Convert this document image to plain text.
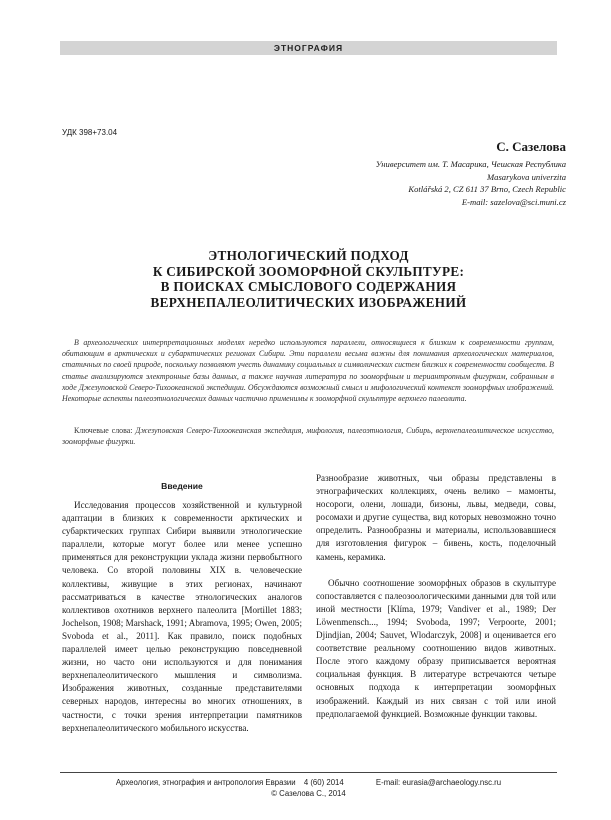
ЭТНОГРАФИЯ
УДК 398+73.04
С. Сазелова
Университет им. Т. Масарика, Чешская Республика
Masarykova univerzita
Kotlářská 2, CZ 611 37 Brno, Czech Republic
E-mail: sazelova@sci.muni.cz
ЭТНОЛОГИЧЕСКИЙ ПОДХОД
К СИБИРСКОЙ ЗООМОРФНОЙ СКУЛЬПТУРЕ:
В ПОИСКАХ СМЫСЛОВОГО СОДЕРЖАНИЯ
ВЕРХНЕПАЛЕОЛИТИЧЕСКИХ ИЗОБРАЖЕНИЙ
В археологических интерпретационных моделях нередко используются параллели, относящиеся к близким к современности группам, обитающим в арктических и субарктических регионах Сибири. Эти параллели весьма важны для понимания археологических материалов, статичных по своей природе, поскольку позволяют учесть динамику социальных и символических систем близких к современности сообществ. В статье анализируются электронные базы данных, а также научная литература по зооморфным и териантропным фигуркам, собранным в ходе Джезуповской Северо-Тихоокеанской экспедиции. Обсуждаются возможный смысл и мифологический контекст зооморфных изображений. Некоторые аспекты палеоэтнологических данных частично применимы к зооморфной скульптуре верхнего палеолита.
Ключевые слова: Джезуповская Северо-Тихоокеанская экспедиция, мифология, палеоэтнология, Сибирь, верхнепалеолитическое искусство, зооморфные фигурки.
Введение

Исследования процессов хозяйственной и культурной адаптации в близких к современности арктических и субарктических группах Сибири выявили этнологические параллели, которые могут более или менее успешно применяться для реконструкции уклада жизни первобытного человека. Со второй половины XIX в. человеческие коллективы, живущие в этих регионах, начинают рассматриваться в качестве этнологических аналогов коллективов охотников верхнего палеолита [Mortillet 1883; Jochelson, 1908; Marshack, 1991; Abramova, 1995; Owen, 2005; Svoboda et al., 2011]. Как правило, поиск подобных параллелей имеет целью реконструкцию повседневной жизни, но часто они используются и для понимания верхнепалеолитического мышления и символизма. Изображения животных, созданные представителями северных народов, интересны во многих отношениях, в частности, с точки зрения интерпретации памятников верхнепалеолитического мобильного искусства.

Разнообразие животных, чьи образы представлены в этнографических коллекциях, очень велико – мамонты, носороги, олени, лошади, бизоны, львы, медведи, совы, росомахи и другие существа, вид которых невозможно точно определить. Разнообразны и материалы, использовавшиеся для изготовления фигурок – бивень, кость, поделочный камень, керамика.

Обычно соотношение зооморфных образов в скульптуре сопоставляется с палеозоологическими данными для той или иной местности [Klíma, 1979; Vandiver et al., 1989; Der Löwenmensch..., 1994; Svoboda, 1997; Verpoorte, 2001; Djindjian, 2004; Sauvet, Wlodarczyk, 2008] и оценивается его соответствие реальному соотношению видов животных. После этого каждому образу приписывается вероятная социальная функция. В литературе встречаются четыре основных подхода к интерпретации зооморфных изображений. Каждый из них связан с той или иной предполагаемой функцией. Возможные функции таковы.

Археология, этнография и антропология Евразии 4 (60) 2014	E-mail: eurasia@archaeology.nsc.ru
© Сазелова С., 2014
